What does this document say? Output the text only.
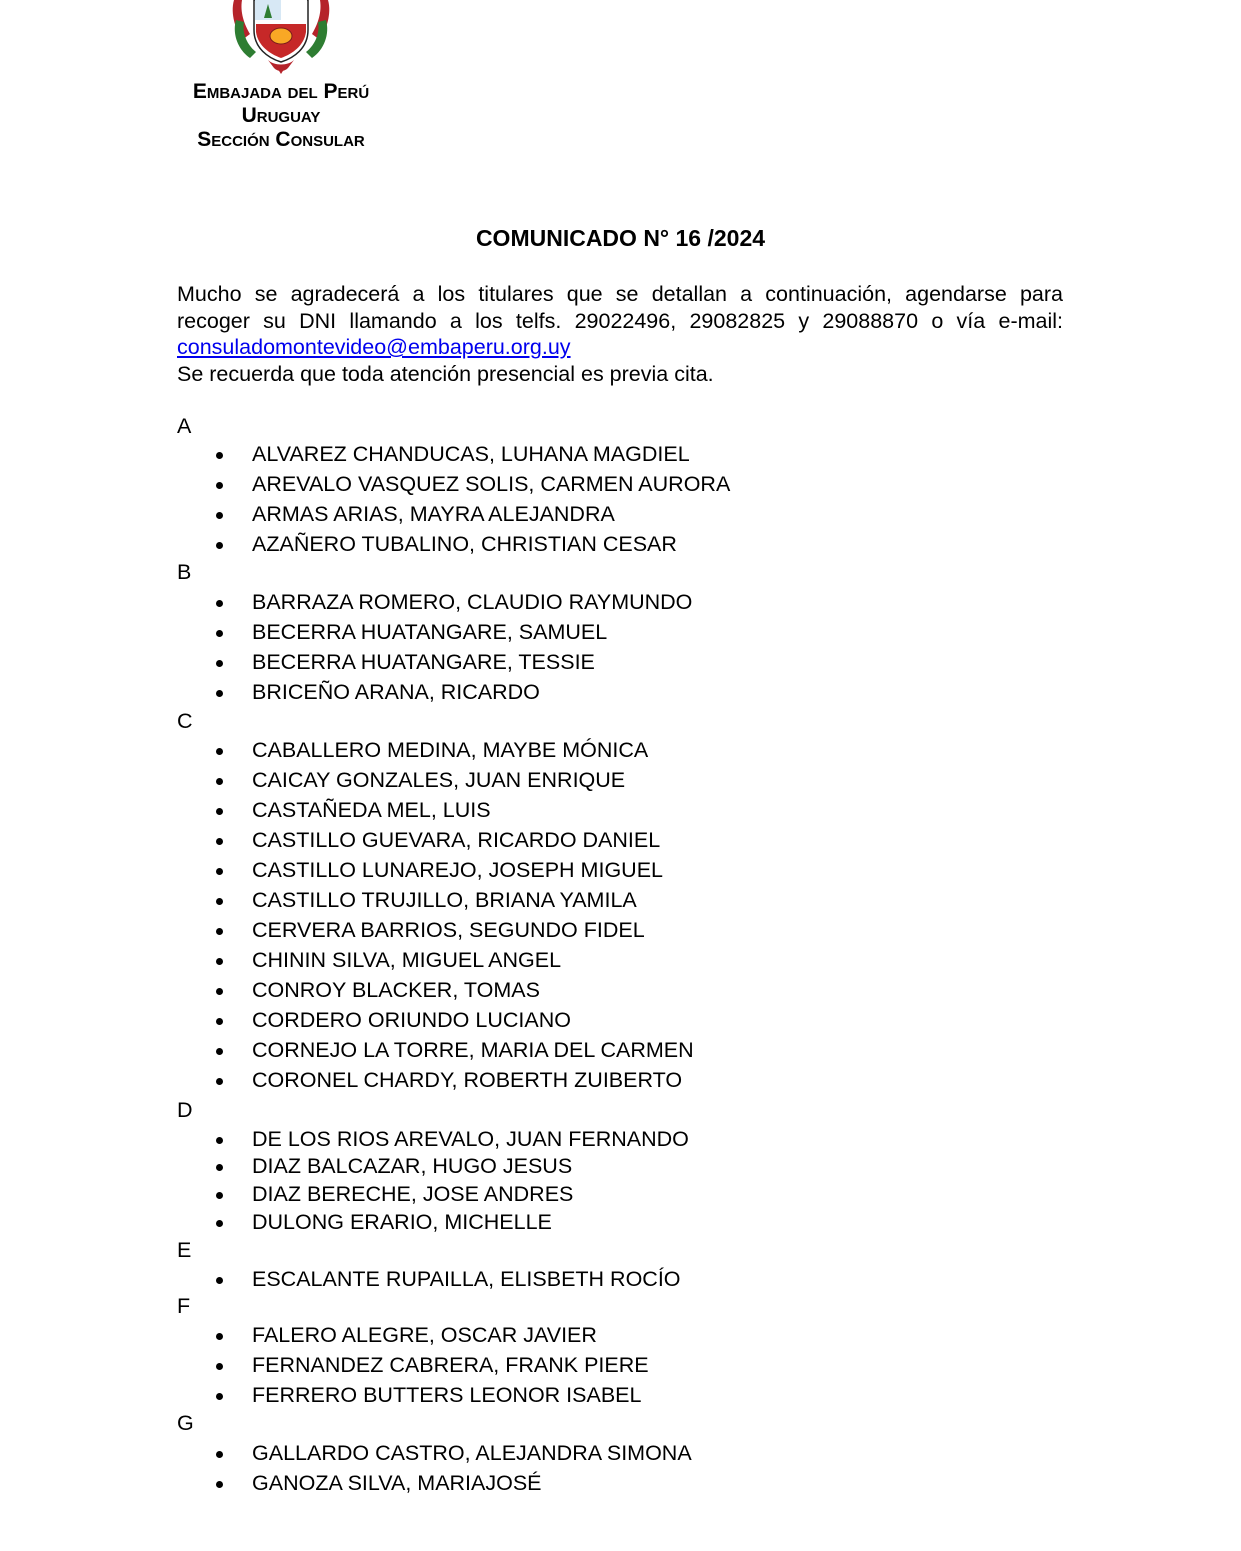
Embajada del Perú
Uruguay
Sección Consular
COMUNICADO N° 16 /2024

Mucho se agradecerá a los titulares que se detallan a continuación, agendarse para

recoger su DNI llamando a los telfs. 29022496, 29082825 y 29088870 o vía e-mail:

consuladomontevideo@embaperu.org.uy

Se recuerda que toda atención presencial es previa cita.

A
ALVAREZ CHANDUCAS, LUHANA MAGDIEL
AREVALO VASQUEZ SOLIS, CARMEN AURORA
ARMAS ARIAS, MAYRA ALEJANDRA
AZAÑERO TUBALINO, CHRISTIAN CESAR
B
BARRAZA ROMERO, CLAUDIO RAYMUNDO
BECERRA HUATANGARE, SAMUEL
BECERRA HUATANGARE, TESSIE
BRICEÑO ARANA, RICARDO
C
CABALLERO MEDINA, MAYBE MÓNICA
CAICAY GONZALES, JUAN ENRIQUE
CASTAÑEDA MEL, LUIS
CASTILLO GUEVARA, RICARDO DANIEL
CASTILLO LUNAREJO, JOSEPH MIGUEL
CASTILLO TRUJILLO, BRIANA YAMILA
CERVERA BARRIOS, SEGUNDO FIDEL
CHININ SILVA, MIGUEL ANGEL
CONROY BLACKER, TOMAS
CORDERO ORIUNDO LUCIANO
CORNEJO LA TORRE, MARIA DEL CARMEN
CORONEL CHARDY, ROBERTH ZUIBERTO
D
DE LOS RIOS AREVALO, JUAN FERNANDO
DIAZ BALCAZAR, HUGO JESUS
DIAZ BERECHE, JOSE ANDRES
DULONG ERARIO, MICHELLE
E
ESCALANTE RUPAILLA, ELISBETH ROCÍO
F
FALERO ALEGRE, OSCAR JAVIER
FERNANDEZ CABRERA, FRANK PIERE
FERRERO BUTTERS LEONOR ISABEL
G
GALLARDO CASTRO, ALEJANDRA SIMONA
GANOZA SILVA, MARIAJOSÉ
